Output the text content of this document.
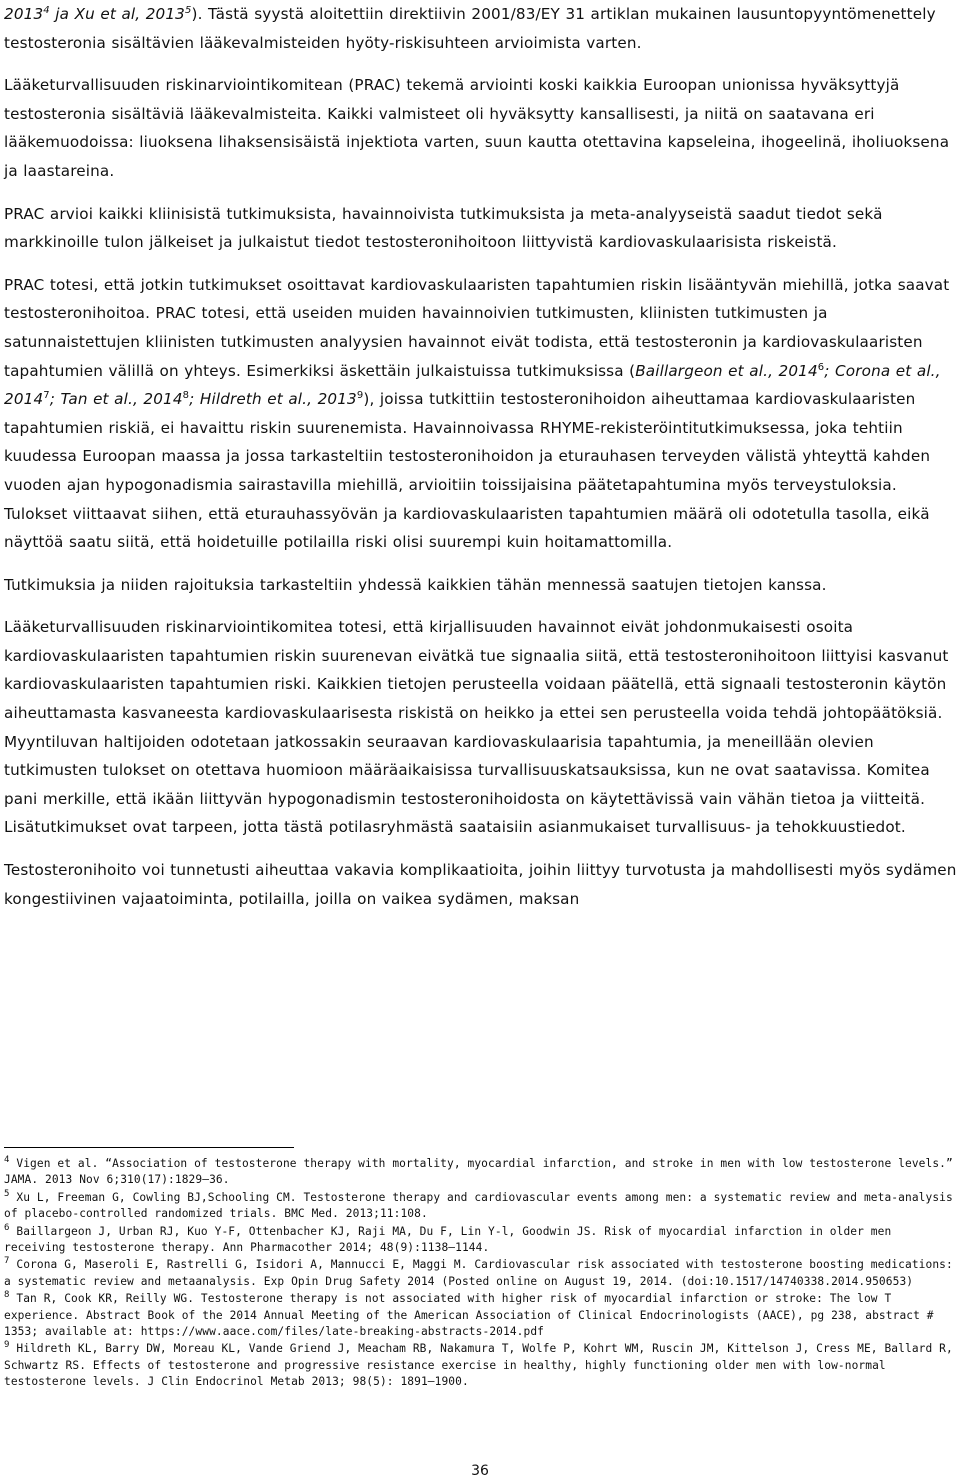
2013$^4$ ja Xu et al, 2013$^5$). Tästä syystä aloitettiin direktiivin 2001/83/EY 31 artiklan mukainen lausuntopyyntömenettely testosteronia sisältävien lääkevalmisteiden hyöty-riskisuhteen arvioimista varten.

Lääketurvallisuuden riskinarviointikomitean (PRAC) tekemä arviointi koski kaikkia Euroopan unionissa hyväksyttyjä testosteronia sisältäviä lääkevalmisteita. Kaikki valmisteet oli hyväksytty kansallisesti, ja niitä on saatavana eri lääkemuodoissa: liuoksena lihaksensisäistä injektiota varten, suun kautta otettavina kapseleina, ihogeelinä, iholiuoksena ja laastareina.

PRAC arvioi kaikki kliinisistä tutkimuksista, havainnoivista tutkimuksista ja meta-analyyseistä saadut tiedot sekä markkinoille tulon jälkeiset ja julkaistut tiedot testosteronihoitoon liittyvistä kardiovaskulaarisista riskeistä.

PRAC totesi, että jotkin tutkimukset osoittavat kardiovaskulaaristen tapahtumien riskin lisääntyvän miehillä, jotka saavat testosteronihoitoa. PRAC totesi, että useiden muiden havainnoivien tutkimusten, kliinisten tutkimusten ja satunnaistettujen kliinisten tutkimusten analyysien havainnot eivät todista, että testosteronin ja kardiovaskulaaristen tapahtumien välillä on yhteys. Esimerkiksi äskettäin julkaistuissa tutkimuksissa (Baillargeon et al., 2014$^6$; Corona et al., 2014$^7$; Tan et al., 2014$^8$; Hildreth et al., 2013$^9$), joissa tutkittiin testosteronihoidon aiheuttamaa kardiovaskulaaristen tapahtumien riskiä, ei havaittu riskin suurenemista. Havainnoivassa RHYME-rekisteröintitutkimuksessa, joka tehtiin kuudessa Euroopan maassa ja jossa tarkasteltiin testosteronihoidon ja eturauhasen terveyden välistä yhteyttä kahden vuoden ajan hypogonadismia sairastavilla miehillä, arvioitiin toissijaisina päätetapahtumina myös terveystuloksia. Tulokset viittaavat siihen, että eturauhassyövän ja kardiovaskulaaristen tapahtumien määrä oli odotetulla tasolla, eikä näyttöä saatu siitä, että hoidetuille potilailla riski olisi suurempi kuin hoitamattomilla.

Tutkimuksia ja niiden rajoituksia tarkasteltiin yhdessä kaikkien tähän mennessä saatujen tietojen kanssa.

Lääketurvallisuuden riskinarviointikomitea totesi, että kirjallisuuden havainnot eivät johdonmukaisesti osoita kardiovaskulaaristen tapahtumien riskin suurenevan eivätkä tue signaalia siitä, että testosteronihoitoon liittyisi kasvanut kardiovaskulaaristen tapahtumien riski. Kaikkien tietojen perusteella voidaan päätellä, että signaali testosteronin käytön aiheuttamasta kasvaneesta kardiovaskulaarisesta riskistä on heikko ja ettei sen perusteella voida tehdä johtopäätöksiä. Myyntiluvan haltijoiden odotetaan jatkossakin seuraavan kardiovaskulaarisia tapahtumia, ja meneillään olevien tutkimusten tulokset on otettava huomioon määräaikaisissa turvallisuuskatsauksissa, kun ne ovat saatavissa. Komitea pani merkille, että ikään liittyvän hypogonadismin testosteronihoidosta on käytettävissä vain vähän tietoa ja viitteitä. Lisätutkimukset ovat tarpeen, jotta tästä potilasryhmästä saataisiin asianmukaiset turvallisuus- ja tehokkuustiedot.

Testosteronihoito voi tunnetusti aiheuttaa vakavia komplikaatioita, joihin liittyy turvotusta ja mahdollisesti myös sydämen kongestiivinen vajaatoiminta, potilailla, joilla on vaikea sydämen, maksan

$^4$ Vigen et al. “Association of testosterone therapy with mortality, myocardial infarction, and stroke in men with low testosterone levels.” JAMA. 2013 Nov 6;310(17):1829–36.

$^5$ Xu L, Freeman G, Cowling BJ,Schooling CM. Testosterone therapy and cardiovascular events among men: a systematic review and meta-analysis of placebo-controlled randomized trials. BMC Med. 2013;11:108.

$^6$ Baillargeon J, Urban RJ, Kuo Y-F, Ottenbacher KJ, Raji MA, Du F, Lin Y-l, Goodwin JS. Risk of myocardial infarction in older men receiving testosterone therapy. Ann Pharmacother 2014; 48(9):1138–1144.

$^7$ Corona G, Maseroli E, Rastrelli G, Isidori A, Mannucci E, Maggi M. Cardiovascular risk associated with testosterone boosting medications: a systematic review and metaanalysis. Exp Opin Drug Safety 2014 (Posted online on August 19, 2014. (doi:10.1517/14740338.2014.950653)

$^8$ Tan R, Cook KR, Reilly WG. Testosterone therapy is not associated with higher risk of myocardial infarction or stroke: The low T experience. Abstract Book of the 2014 Annual Meeting of the American Association of Clinical Endocrinologists (AACE), pg 238, abstract # 1353; available at: https://www.aace.com/files/late-breaking-abstracts-2014.pdf

$^9$ Hildreth KL, Barry DW, Moreau KL, Vande Griend J, Meacham RB, Nakamura T, Wolfe P, Kohrt WM, Ruscin JM, Kittelson J, Cress ME, Ballard R, Schwartz RS. Effects of testosterone and progressive resistance exercise in healthy, highly functioning older men with low-normal testosterone levels. J Clin Endocrinol Metab 2013; 98(5): 1891–1900.

36
